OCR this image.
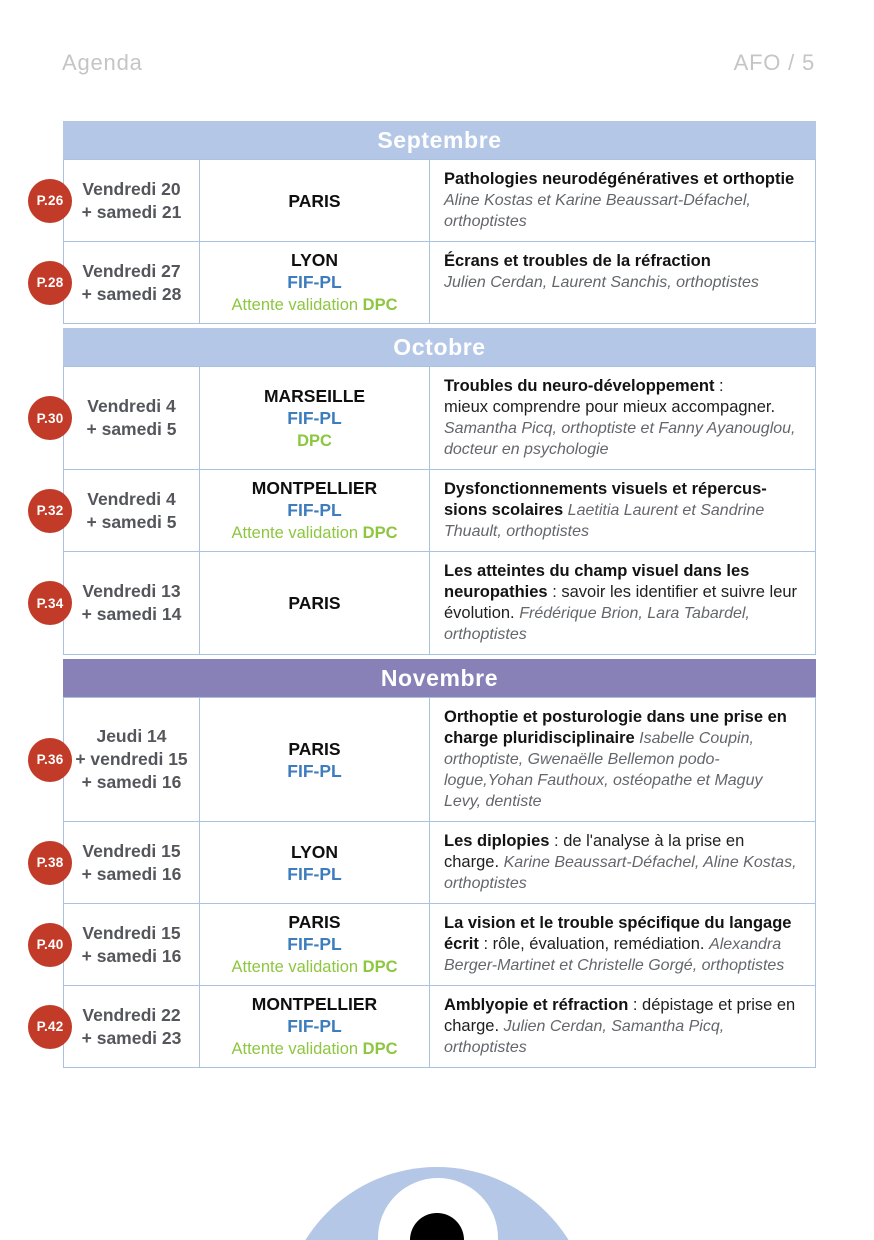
Agenda	AFO / 5
Septembre
P.26
Vendredi 20
+ samedi 21
PARIS
Pathologies neurodégénératives et orthoptie Aline Kostas et Karine Beaussart-Défachel, orthoptistes
P.28
Vendredi 27
+ samedi 28
LYON
FIF-PL
Attente validation DPC
Écrans et troubles de la réfraction
Julien Cerdan, Laurent Sanchis, orthoptistes
Octobre
P.30
Vendredi 4
+ samedi 5
MARSEILLE
FIF-PL
DPC
Troubles du neuro-développement :
mieux comprendre pour mieux accompagner. Samantha Picq, orthoptiste et Fanny Ayanouglou, docteur en psychologie
P.32
Vendredi 4
+ samedi 5
MONTPELLIER
FIF-PL
Attente validation DPC
Dysfonctionnements visuels et répercussions scolaires Laetitia Laurent et Sandrine Thuault, orthoptistes
P.34
Vendredi 13
+ samedi 14
PARIS
Les atteintes du champ visuel dans les neuropathies : savoir les identifier et suivre leur évolution. Frédérique Brion, Lara Tabardel, orthoptistes
Novembre
P.36
Jeudi 14
+ vendredi 15
+ samedi 16
PARIS
FIF-PL
Orthoptie et posturologie dans une prise en charge pluridisciplinaire Isabelle Coupin, orthoptiste, Gwenaëlle Bellemon podologue,Yohan Fauthoux, ostéopathe et Maguy Levy, dentiste
P.38
Vendredi 15
+ samedi 16
LYON
FIF-PL
Les diplopies : de l'analyse à la prise en charge. Karine Beaussart-Défachel, Aline Kostas, orthoptistes
P.40
Vendredi 15
+ samedi 16
PARIS
FIF-PL
Attente validation DPC
La vision et le trouble spécifique du langage écrit : rôle, évaluation, remédiation. Alexandra Berger-Martinet et Christelle Gorgé, orthoptistes
P.42
Vendredi 22
+ samedi 23
MONTPELLIER
FIF-PL
Attente validation DPC
Amblyopie et réfraction : dépistage et prise en charge. Julien Cerdan, Samantha Picq, orthoptistes
